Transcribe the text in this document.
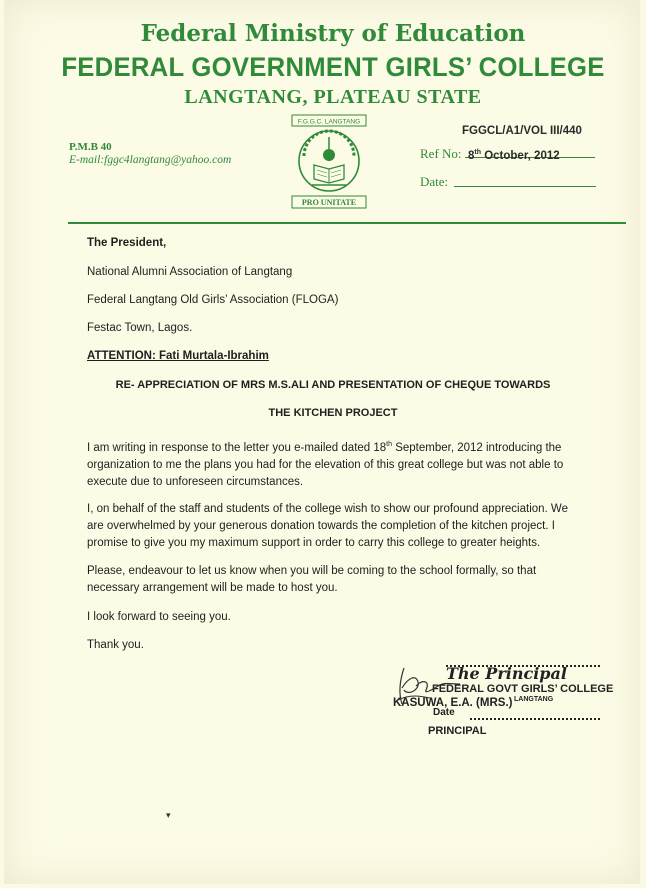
Federal Ministry of Education
FEDERAL GOVERNMENT GIRLS’ COLLEGE
LANGTANG, PLATEAU STATE
P.M.B 40
E-mail:fggc4langtang@yahoo.com
F.G.G.C. LANGTANG
PRO UNITATE
FGGCL/A1/VOL III/440
Ref No: 8th October, 2012
Date:
The President,
National Alumni Association of Langtang
Federal Langtang Old Girls’ Association (FLOGA)
Festac Town, Lagos.
ATTENTION: Fati Murtala-Ibrahim
RE- APPRECIATION OF MRS M.S.ALI AND PRESENTATION OF CHEQUE TOWARDS
THE KITCHEN PROJECT
I am writing in response to the letter you e-mailed dated 18th September, 2012 introducing the organization to me the plans you had for the elevation of this great college but was not able to execute due to unforeseen circumstances.
I, on behalf of the staff and students of the college wish to show our profound appreciation. We are overwhelmed by your generous donation towards the completion of the kitchen project. I promise to give you my maximum support in order to carry this college to greater heights.
Please, endeavour to let us know when you will be coming to the school formally, so that necessary arrangement will be made to host you.
I look forward to seeing you.
Thank you.
The Principal
FEDERAL GOVT GIRLS’ COLLEGE
LANGTANG
KASUWA, E.A. (MRS.)
Date
PRINCIPAL
▾
